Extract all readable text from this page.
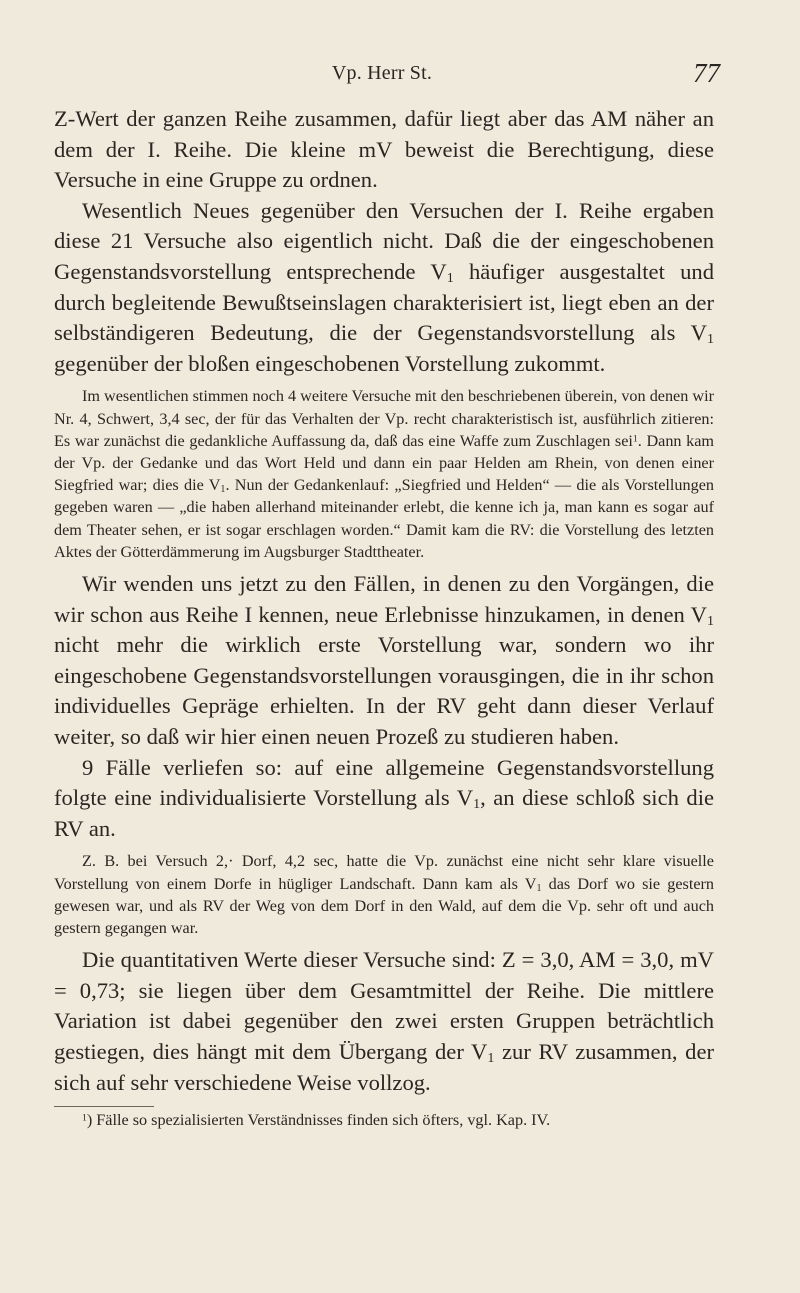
Vp. Herr St.	77

Z-Wert der ganzen Reihe zusammen, dafür liegt aber das AM näher an dem der I. Reihe. Die kleine mV beweist die Berechtigung, diese Versuche in eine Gruppe zu ordnen.

Wesentlich Neues gegenüber den Versuchen der I. Reihe ergaben diese 21 Versuche also eigentlich nicht. Daß die der eingeschobenen Gegenstandsvorstellung entsprechende $V_1$ häufiger ausgestaltet und durch begleitende Bewußtseinslagen charakterisiert ist, liegt eben an der selbständigeren Bedeutung, die der Gegenstandsvorstellung als $V_1$ gegenüber der bloßen eingeschobenen Vorstellung zukommt.

Im wesentlichen stimmen noch 4 weitere Versuche mit den beschriebenen überein, von denen wir Nr. 4, Schwert, 3,4 sec, der für das Verhalten der Vp. recht charakteristisch ist, ausführlich zitieren: Es war zunächst die gedankliche Auffassung da, daß das eine Waffe zum Zuschlagen sei$^1$. Dann kam der Vp. der Gedanke und das Wort Held und dann ein paar Helden am Rhein, von denen einer Siegfried war; dies die $V_1$. Nun der Gedankenlauf: „Siegfried und Helden“ — die als Vorstellungen gegeben waren — „die haben allerhand miteinander erlebt, die kenne ich ja, man kann es sogar auf dem Theater sehen, er ist sogar erschlagen worden.“ Damit kam die RV: die Vorstellung des letzten Aktes der Götterdämmerung im Augsburger Stadttheater.

Wir wenden uns jetzt zu den Fällen, in denen zu den Vorgängen, die wir schon aus Reihe I kennen, neue Erlebnisse hinzukamen, in denen $V_1$ nicht mehr die wirklich erste Vorstellung war, sondern wo ihr eingeschobene Gegenstandsvorstellungen vorausgingen, die in ihr schon individuelles Gepräge erhielten. In der RV geht dann dieser Verlauf weiter, so daß wir hier einen neuen Prozeß zu studieren haben.

9 Fälle verliefen so: auf eine allgemeine Gegenstandsvorstellung folgte eine individualisierte Vorstellung als $V_1$, an diese schloß sich die RV an.

Z. B. bei Versuch 2,· Dorf, 4,2 sec, hatte die Vp. zunächst eine nicht sehr klare visuelle Vorstellung von einem Dorfe in hügliger Landschaft. Dann kam als $V_1$ das Dorf wo sie gestern gewesen war, und als RV der Weg von dem Dorf in den Wald, auf dem die Vp. sehr oft und auch gestern gegangen war.

Die quantitativen Werte dieser Versuche sind: Z = 3,0, AM = 3,0, mV = 0,73; sie liegen über dem Gesamtmittel der Reihe. Die mittlere Variation ist dabei gegenüber den zwei ersten Gruppen beträchtlich gestiegen, dies hängt mit dem Übergang der $V_1$ zur RV zusammen, der sich auf sehr verschiedene Weise vollzog.

$^1$) Fälle so spezialisierten Verständnisses finden sich öfters, vgl. Kap. IV.
